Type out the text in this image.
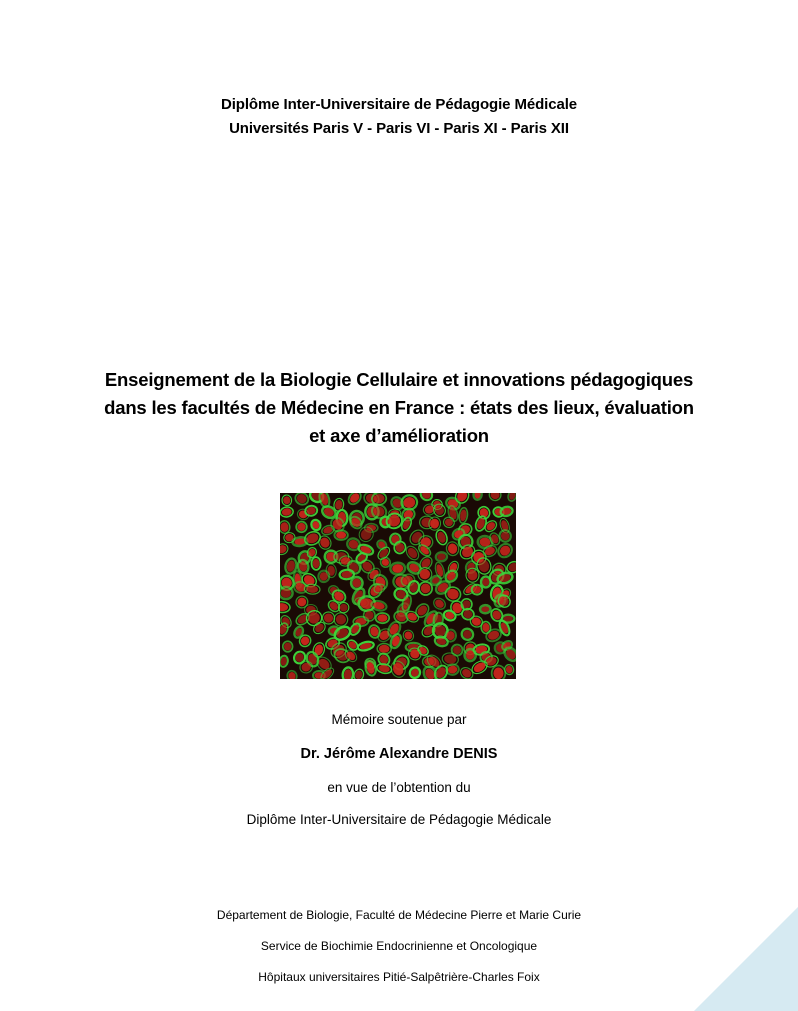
Diplôme Inter-Universitaire de Pédagogie Médicale
Universités Paris V - Paris VI - Paris XI - Paris XII
Enseignement de la Biologie Cellulaire et innovations pédagogiques
dans les facultés de Médecine en France : états des lieux, évaluation
et axe d’amélioration
Mémoire soutenue par
Dr. Jérôme Alexandre DENIS
en vue de l’obtention du
Diplôme Inter-Universitaire de Pédagogie Médicale
Département de Biologie, Faculté de Médecine Pierre et Marie Curie
Service de Biochimie Endocrinienne et Oncologique
Hôpitaux universitaires Pitié-Salpêtrière-Charles Foix
